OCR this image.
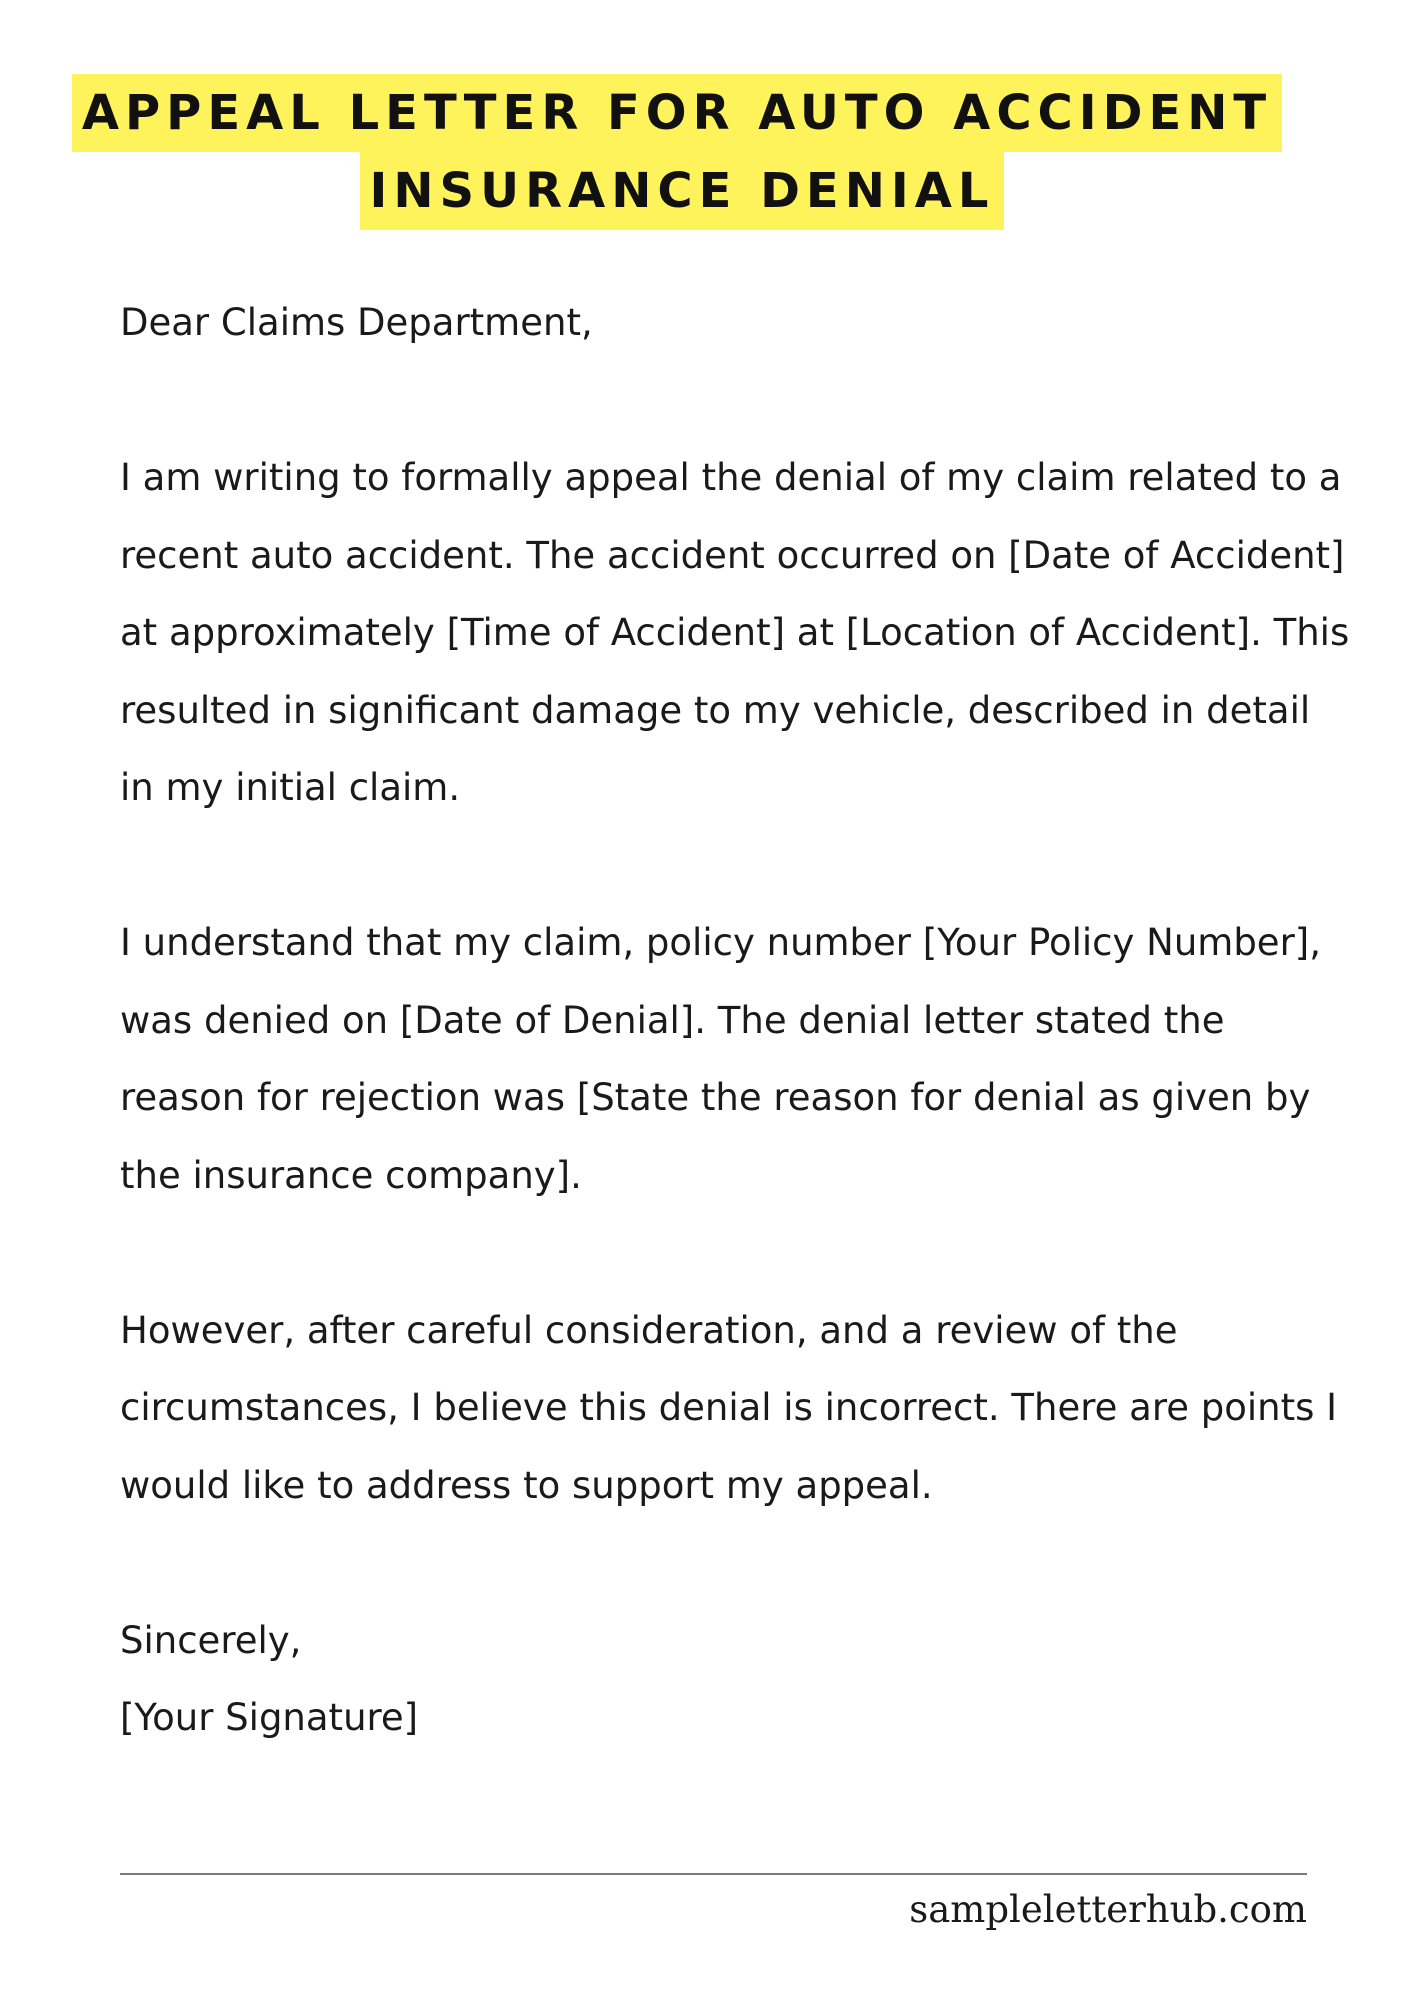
APPEAL LETTER FOR AUTO ACCIDENT
INSURANCE DENIAL

Dear Claims Department,

I am writing to formally appeal the denial of my claim related to a recent auto accident. The accident occurred on [Date of Accident] at approximately [Time of Accident] at [Location of Accident]. This resulted in significant damage to my vehicle, described in detail in my initial claim.

I understand that my claim, policy number [Your Policy Number], was denied on [Date of Denial]. The denial letter stated the reason for rejection was [State the reason for denial as given by the insurance company].

However, after careful consideration, and a review of the circumstances, I believe this denial is incorrect. There are points I would like to address to support my appeal.

Sincerely,

[Your Signature]

sampleletterhub.com
